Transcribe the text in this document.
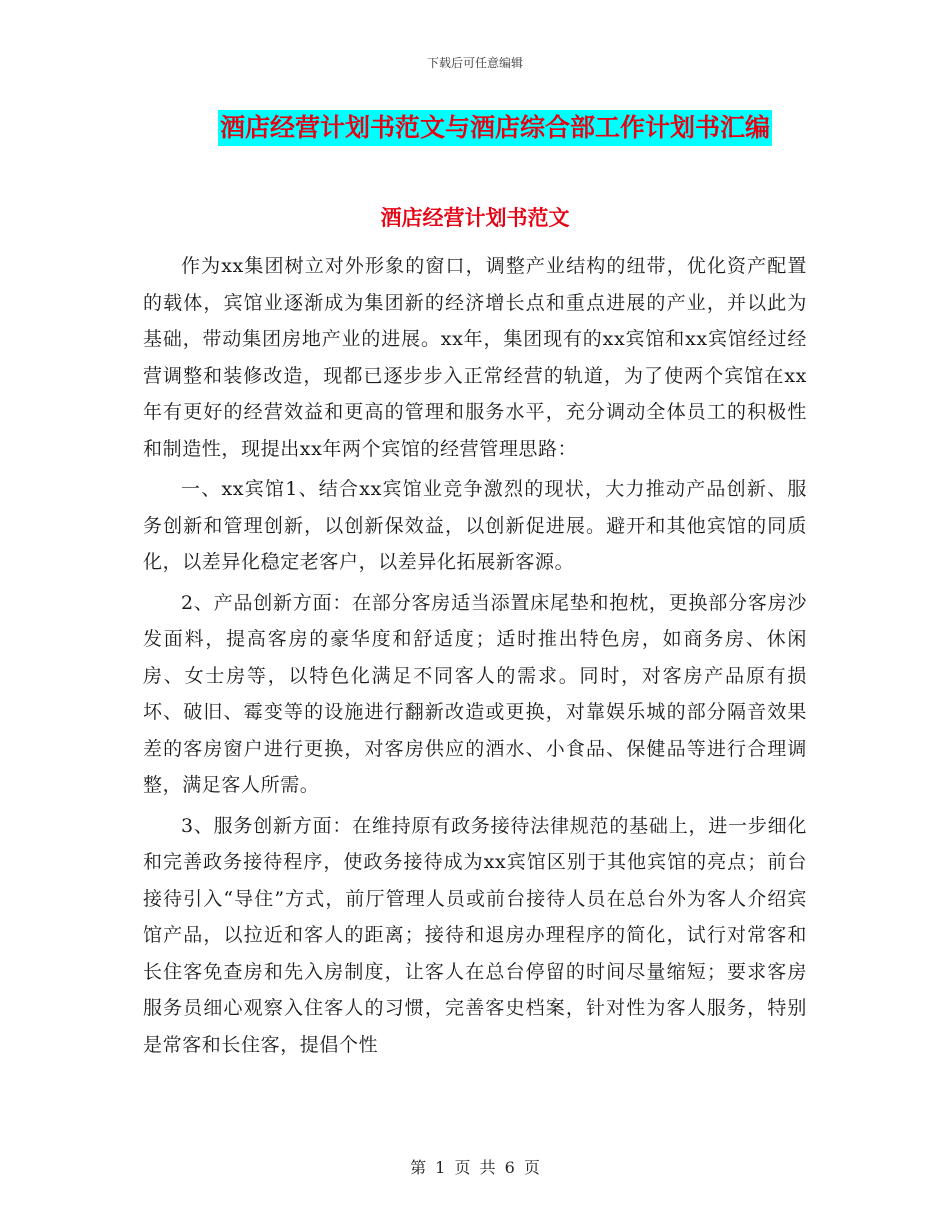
下载后可任意编辑
酒店经营计划书范文与酒店综合部工作计划书汇编
酒店经营计划书范文

作为xx集团树立对外形象的窗口，调整产业结构的纽带，优化资产配置的载体，宾馆业逐渐成为集团新的经济增长点和重点进展的产业，并以此为基础，带动集团房地产业的进展。xx年，集团现有的xx宾馆和xx宾馆经过经营调整和装修改造，现都已逐步步入正常经营的轨道，为了使两个宾馆在xx年有更好的经营效益和更高的管理和服务水平，充分调动全体员工的积极性和制造性，现提出xx年两个宾馆的经营管理思路：

一、xx宾馆1、结合xx宾馆业竞争激烈的现状，大力推动产品创新、服务创新和管理创新，以创新保效益，以创新促进展。避开和其他宾馆的同质化，以差异化稳定老客户，以差异化拓展新客源。

2、产品创新方面：在部分客房适当添置床尾垫和抱枕，更换部分客房沙发面料，提高客房的豪华度和舒适度；适时推出特色房，如商务房、休闲房、女士房等，以特色化满足不同客人的需求。同时，对客房产品原有损坏、破旧、霉变等的设施进行翻新改造或更换，对靠娱乐城的部分隔音效果差的客房窗户进行更换，对客房供应的酒水、小食品、保健品等进行合理调整，满足客人所需。

3、服务创新方面：在维持原有政务接待法律规范的基础上，进一步细化和完善政务接待程序，使政务接待成为xx宾馆区别于其他宾馆的亮点；前台接待引入“导住”方式，前厅管理人员或前台接待人员在总台外为客人介绍宾馆产品，以拉近和客人的距离；接待和退房办理程序的简化，试行对常客和长住客免查房和先入房制度，让客人在总台停留的时间尽量缩短；要求客房服务员细心观察入住客人的习惯，完善客史档案，针对性为客人服务，特别是常客和长住客，提倡个性

第 1 页 共 6 页
